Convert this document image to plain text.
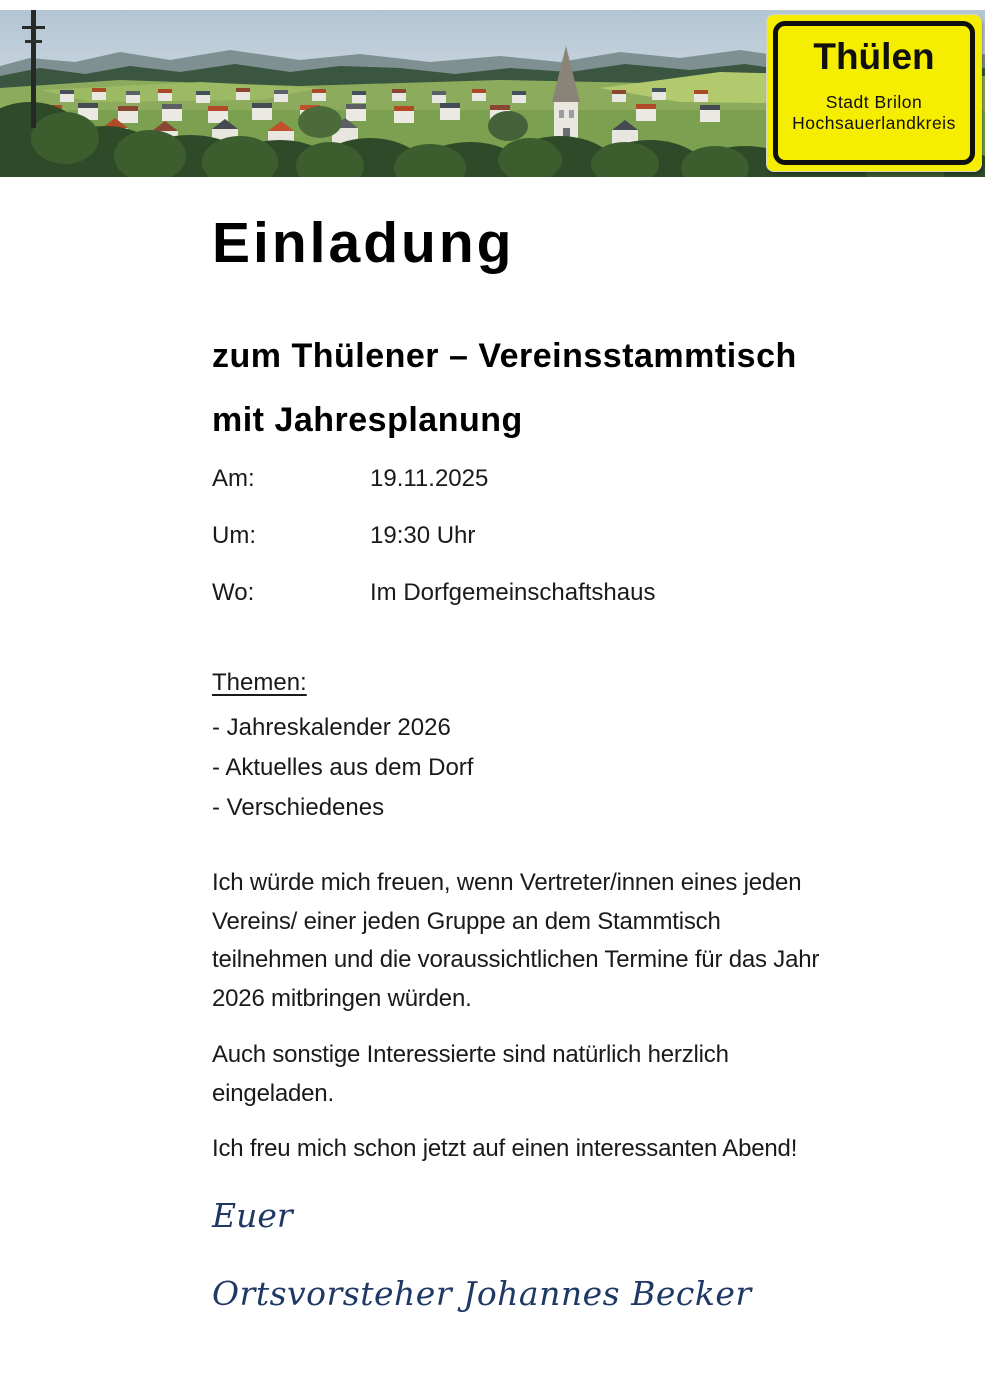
Thülen
Stadt Brilon
Hochsauerlandkreis
Einladung
zum Thülener – Vereinsstammtisch
mit Jahresplanung
Am:	19.11.2025
Um:	19:30 Uhr
Wo:	Im Dorfgemeinschaftshaus
Themen:
- Jahreskalender 2026
- Aktuelles aus dem Dorf
- Verschiedenes
Ich würde mich freuen, wenn Vertreter/innen eines jeden
Vereins/ einer jeden Gruppe an dem Stammtisch
teilnehmen und die voraussichtlichen Termine für das Jahr
2026 mitbringen würden.
Auch sonstige Interessierte sind natürlich herzlich
eingeladen.
Ich freu mich schon jetzt auf einen interessanten Abend!
Euer
Ortsvorsteher Johannes Becker
